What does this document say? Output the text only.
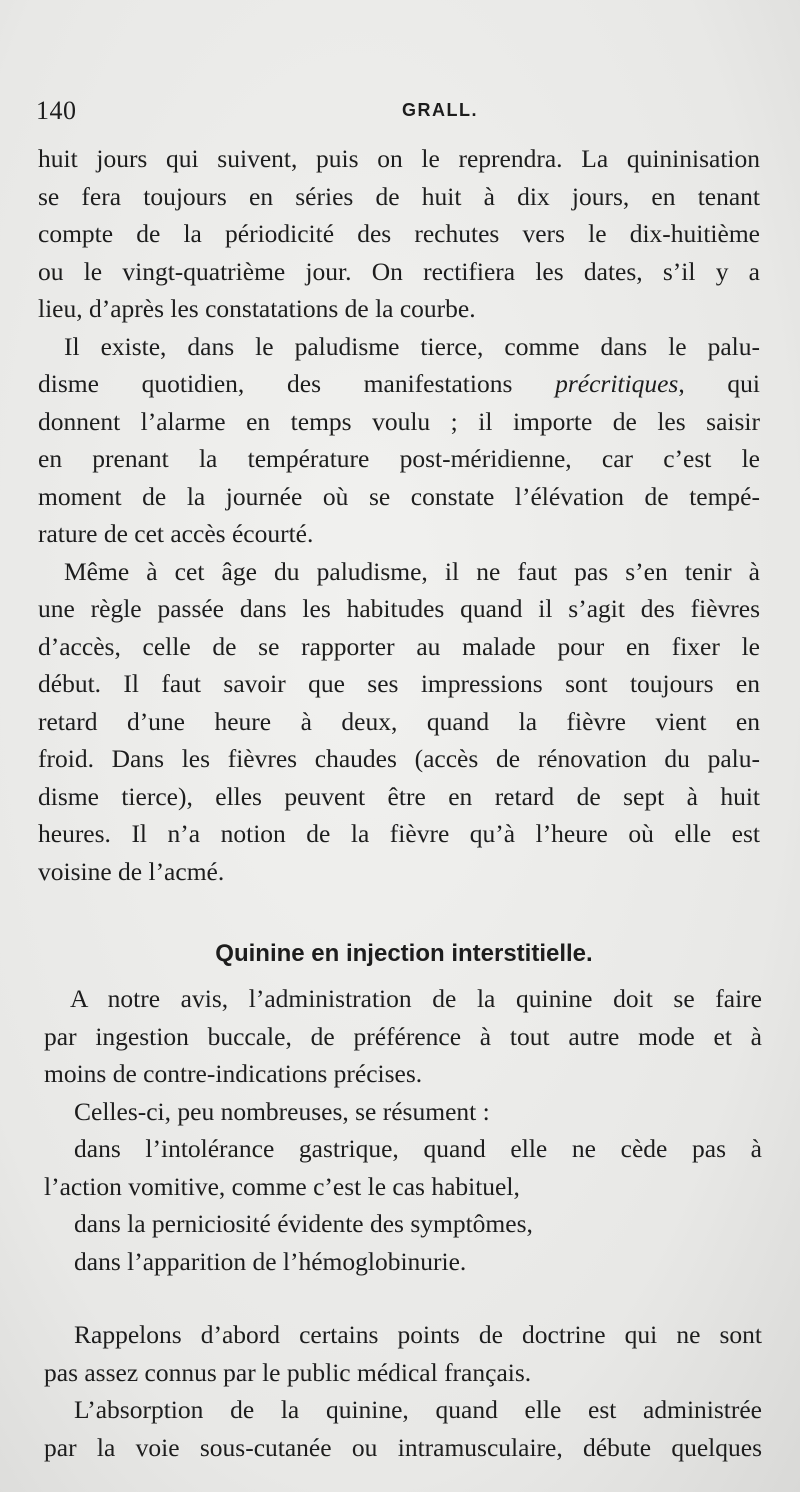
140	GRALL.
huit jours qui suivent, puis on le reprendra. La quininisation
se fera toujours en séries de huit à dix jours, en tenant
compte de la périodicité des rechutes vers le dix-huitième
ou le vingt-quatrième jour. On rectifiera les dates, s’il y a
lieu, d’après les constatations de la courbe.
Il existe, dans le paludisme tierce, comme dans le palu-
disme quotidien, des manifestations précritiques, qui
donnent l’alarme en temps voulu ; il importe de les saisir
en prenant la température post-méridienne, car c’est le
moment de la journée où se constate l’élévation de tempé-
rature de cet accès écourté.
Même à cet âge du paludisme, il ne faut pas s’en tenir à
une règle passée dans les habitudes quand il s’agit des fièvres
d’accès, celle de se rapporter au malade pour en fixer le
début. Il faut savoir que ses impressions sont toujours en
retard d’une heure à deux, quand la fièvre vient en
froid. Dans les fièvres chaudes (accès de rénovation du palu-
disme tierce), elles peuvent être en retard de sept à huit
heures. Il n’a notion de la fièvre qu’à l’heure où elle est
voisine de l’acmé.
Quinine en injection interstitielle.
A notre avis, l’administration de la quinine doit se faire
par ingestion buccale, de préférence à tout autre mode et à
moins de contre-indications précises.
Celles-ci, peu nombreuses, se résument :
dans l’intolérance gastrique, quand elle ne cède pas à
l’action vomitive, comme c’est le cas habituel,
dans la perniciosité évidente des symptômes,
dans l’apparition de l’hémoglobinurie.
Rappelons d’abord certains points de doctrine qui ne sont
pas assez connus par le public médical français.
L’absorption de la quinine, quand elle est administrée
par la voie sous-cutanée ou intramusculaire, débute quelques
